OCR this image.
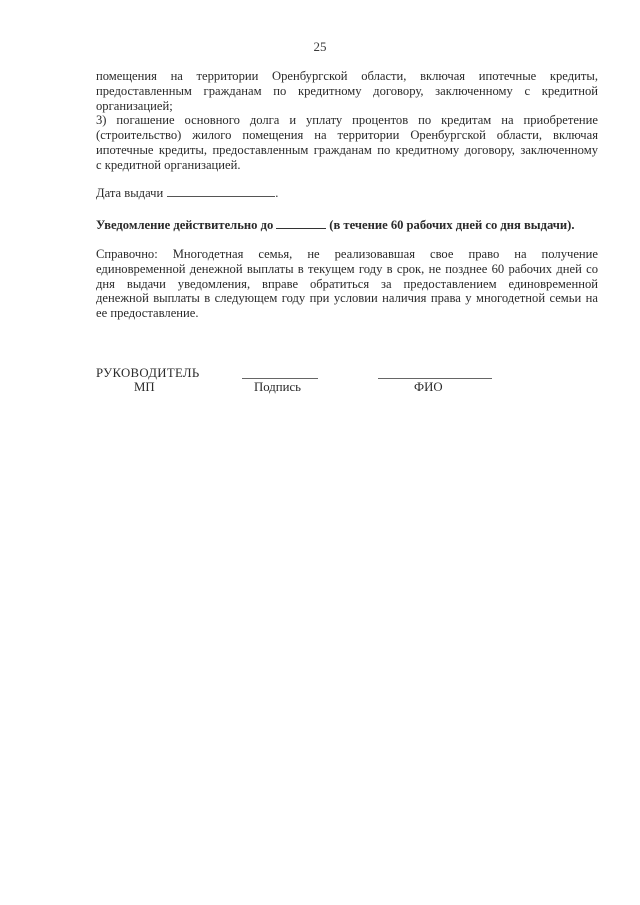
25
помещения на территории Оренбургской области, включая ипотечные кредиты,
предоставленным гражданам по кредитному договору, заключенному с кредитной
организацией;
3) погашение основного долга и уплату процентов по кредитам на приобретение
(строительство) жилого помещения на территории Оренбургской области, включая
ипотечные кредиты, предоставленным гражданам по кредитному договору, заключенному
с кредитной организацией.
Дата выдачи	.
Уведомление действительно до	(в течение 60 рабочих дней со дня выдачи).
Справочно: Многодетная семья, не реализовавшая свое право на получение
единовременной денежной выплаты в текущем году в срок, не позднее 60 рабочих дней со
дня выдачи уведомления, вправе обратиться за предоставлением единовременной
денежной выплаты в следующем году при условии наличия права у многодетной семьи на
ее предоставление.
РУКОВОДИТЕЛЬ
МП	Подпись	ФИО
